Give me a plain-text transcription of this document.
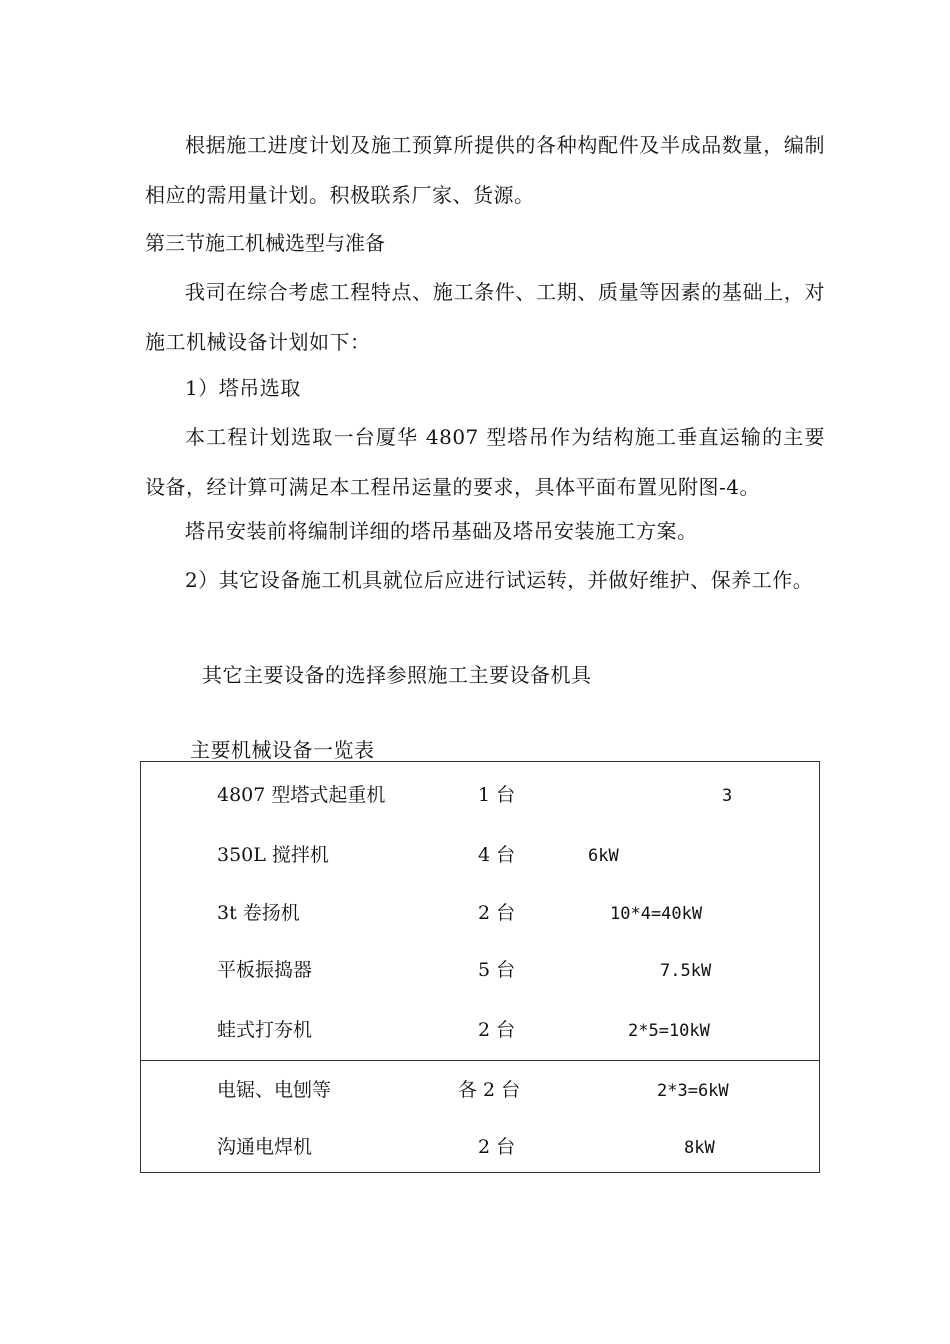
根据施工进度计划及施工预算所提供的各种构配件及半成品数量，编制相应的需用量计划。积极联系厂家、货源。

第三节施工机械选型与准备

我司在综合考虑工程特点、施工条件、工期、质量等因素的基础上，对施工机械设备计划如下：

1）塔吊选取

本工程计划选取一台厦华 4807 型塔吊作为结构施工垂直运输的主要设备，经计算可满足本工程吊运量的要求，具体平面布置见附图-4。

塔吊安装前将编制详细的塔吊基础及塔吊安装施工方案。

2）其它设备施工机具就位后应进行试运转，并做好维护、保养工作。

其它主要设备的选择参照施工主要设备机具
主要机械设备一览表
4807 型塔式起重机	1 台	3
350L 搅拌机	4 台	6kW
3t 卷扬机	2 台	10*4=40kW
平板振捣器	5 台	7.5kW
蛙式打夯机	2 台	2*5=10kW
电锯、电刨等	各 2 台	2*3=6kW
沟通电焊机	2 台	8kW
